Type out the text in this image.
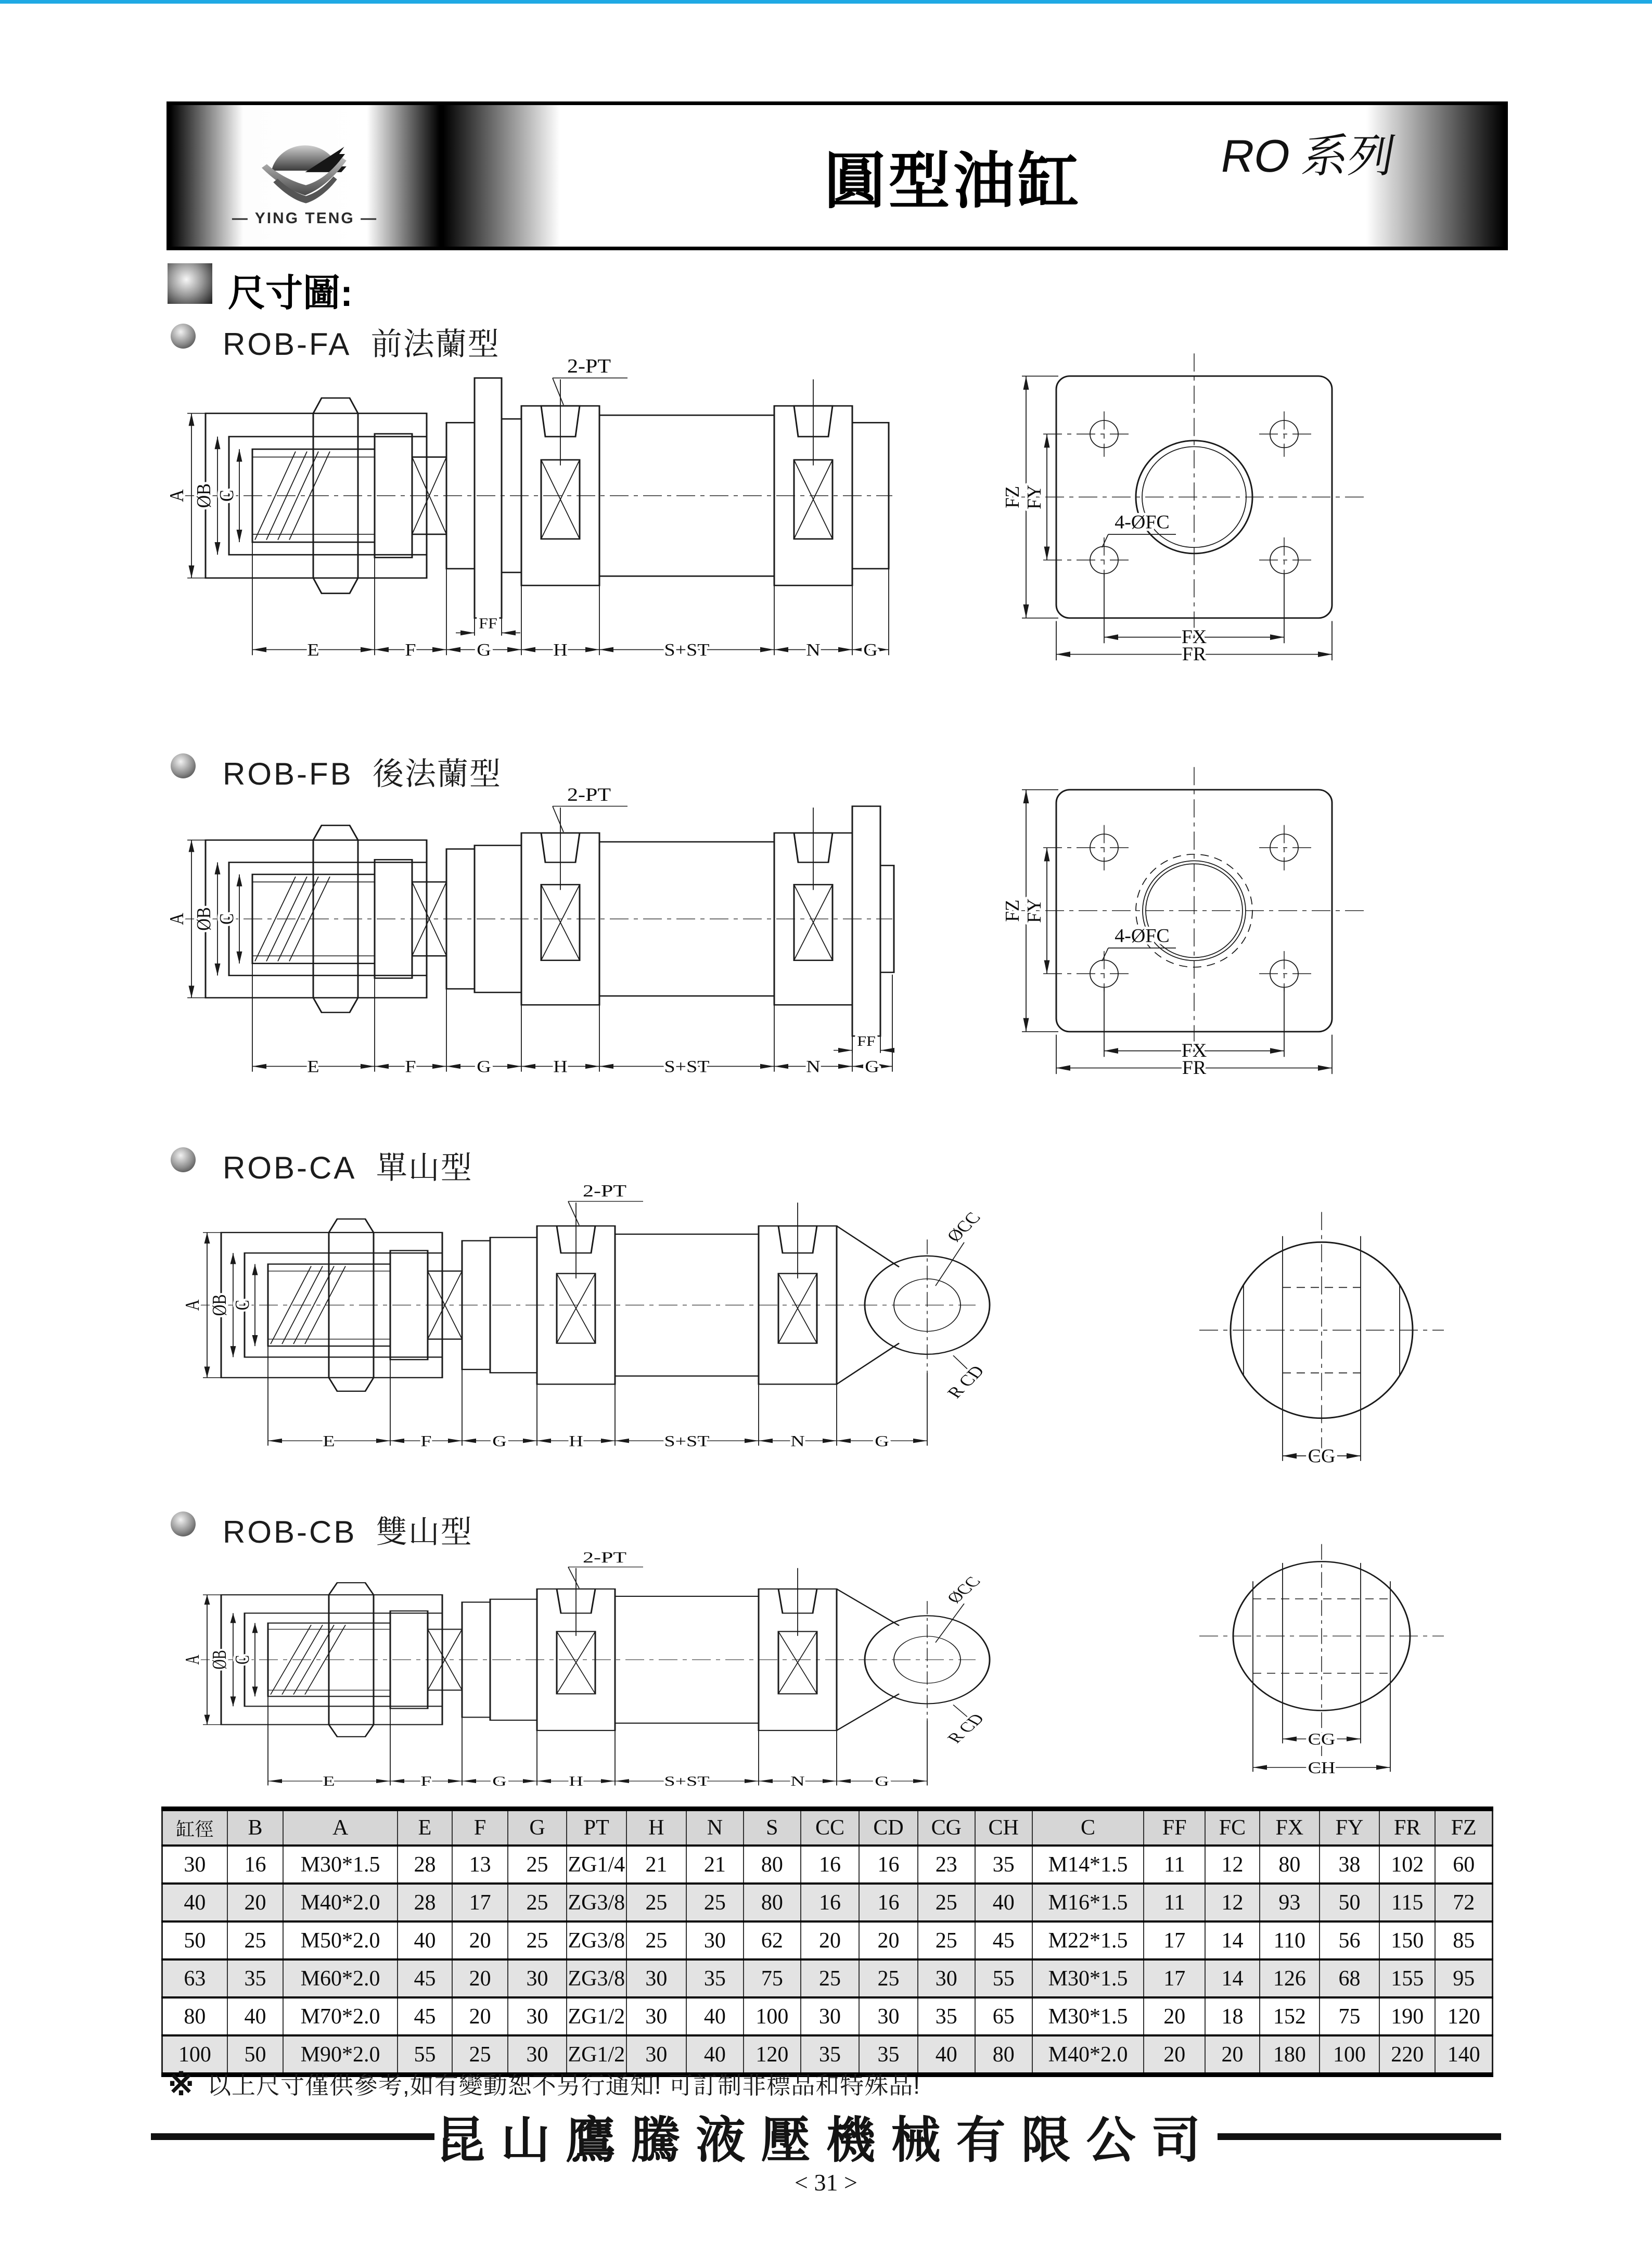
— YING TENG —
圓型油缸	RO 系列
尺寸圖:
ROB-FA 前法蘭型
ROB-FB 後法蘭型
ROB-CA 單山型
ROB-CB 雙山型
2-PT
A ØB C
FF
E	F	G	H	S+ST	N G
FZ FY
4-ØFC
FX
FR
2-PT
A ØB C
FF
E	F	G	H	S+ST	N G
FZ FY
4-ØFC
FX
FR
2-PT
A ØB C
ØCC
R CD
E	F	G	H	S+ST	N	G
CG
2-PT
A ØB C
ØCC
R CD
E	F	G	H	S+ST	N	G
CG
CH
缸徑	B	A	E	F	G	PT	H	N	S	CC	CD	CG	CH	C	FF	FC	FX	FY	FR	FZ
30	16	M30*1.5	28	13	25	ZG1/4	21	21	80	16	16	23	35	M14*1.5	11	12	80	38	102	60
40	20	M40*2.0	28	17	25	ZG3/8	25	25	80	16	16	25	40	M16*1.5	11	12	93	50	115	72
50	25	M50*2.0	40	20	25	ZG3/8	25	30	62	20	20	25	45	M22*1.5	17	14	110	56	150	85
63	35	M60*2.0	45	20	30	ZG3/8	30	35	75	25	25	30	55	M30*1.5	17	14	126	68	155	95
80	40	M70*2.0	45	20	30	ZG1/2	30	40	100	30	30	35	65	M30*1.5	20	18	152	75	190	120
100	50	M90*2.0	55	25	30	ZG1/2	30	40	120	35	35	40	80	M40*2.0	20	20	180	100	220	140
※ 以上尺寸僅供參考,如有變動恕不另行通知! 可訂制非標品和特殊品!
昆山鷹騰液壓機械有限公司
< 31 >
